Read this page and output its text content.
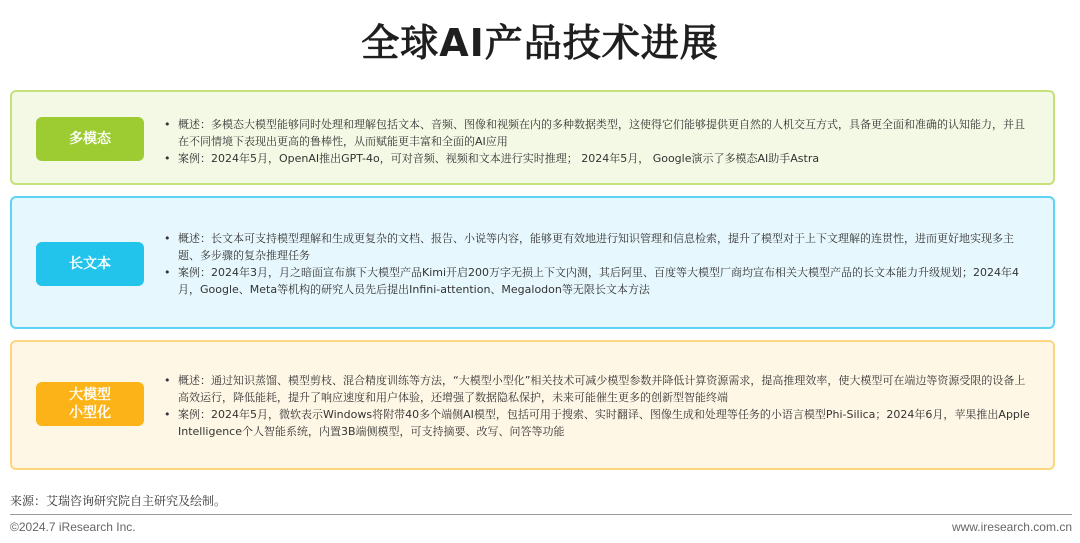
全球AI产品技术进展
多模态
• 概述：多模态大模型能够同时处理和理解包括文本、音频、图像和视频在内的多种数据类型，这使得它们能够提供更自然的人机交互方式，具备更全面和准确的认知能力，并且在不同情境下表现出更高的鲁棒性，从而赋能更丰富和全面的AI应用
• 案例：2024年5月，OpenAI推出GPT-4o，可对音频、视频和文本进行实时推理； 2024年5月， Google演示了多模态AI助手Astra
长文本
• 概述：长文本可支持模型理解和生成更复杂的文档、报告、小说等内容，能够更有效地进行知识管理和信息检索，提升了模型对于上下文理解的连贯性，进而更好地实现多主题、多步骤的复杂推理任务
• 案例：2024年3月，月之暗面宣布旗下大模型产品Kimi开启200万字无损上下文内测，其后阿里、百度等大模型厂商均宣布相关大模型产品的长文本能力升级规划；2024年4月，Google、Meta等机构的研究人员先后提出Infini-attention、Megalodon等无限长文本方法
大模型
小型化
• 概述：通过知识蒸馏、模型剪枝、混合精度训练等方法，“大模型小型化”相关技术可减少模型参数并降低计算资源需求，提高推理效率，使大模型可在端边等资源受限的设备上高效运行，降低能耗，提升了响应速度和用户体验，还增强了数据隐私保护，未来可能催生更多的创新型智能终端
• 案例：2024年5月，微软表示Windows将附带40多个端侧AI模型，包括可用于搜索、实时翻译、图像生成和处理等任务的小语言模型Phi-Silica；2024年6月，苹果推出Apple Intelligence个人智能系统，内置3B端侧模型，可支持摘要、改写、问答等功能
来源：艾瑞咨询研究院自主研究及绘制。
©2024.7 iResearch Inc.	www.iresearch.com.cn
